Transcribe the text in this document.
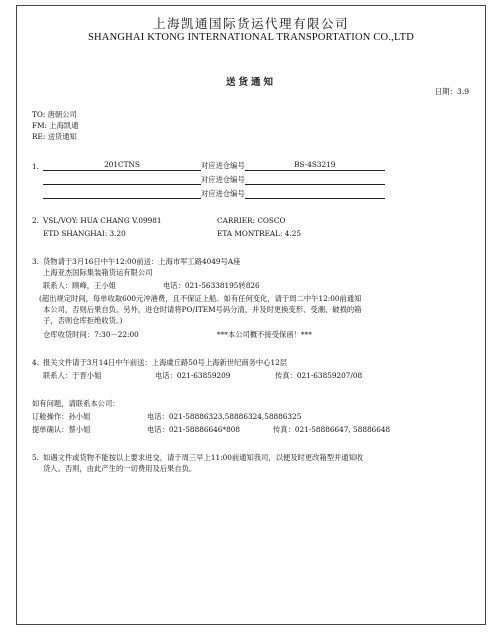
上海凯通国际货运代理有限公司
SHANGHAI KTONG INTERNATIONAL TRANSPORTATION CO.,LTD
送货通知
日期：3.9
TO: 唐朝公司
FM: 上海凯通
RE: 送货通知
1.	201CTNS	对应进仓编号	BS-4S3219
对应进仓编号
对应进仓编号
2. VSL/VOY: HUA CHANG V.09981	CARRIER: COSCO
ETD SHANGHAI: 3.20	ETA MONTREAL: 4.25
3. 货物请于3月16日中午12:00前送：上海市军工路4049号A座
上海亚杰国际集装箱货运有限公司
联系人：顾峰，王小姐	电话：021-56338195转826
(超出规定时间，每单收取600元冲港费，且不保证上船。如有任何变化，请于周二中午12:00前通知
本公司，否则后果自负。另外，进仓时请将PO/ITEM号码分清，并及时更换变形、受潮、破损的箱
子，否则仓库拒绝收货。)
仓库收货时间：7:30－22:00	***本公司概不接受保函！***
4. 报关文件请于3月14日中午前送：上海虞丘路50号上海新世纪商务中心12层
联系人：于晋小姐	电话：021-63859209	传真：021-63859207/08
如有问题，请联系本公司：
订舱操作：孙小姐	电话：021-58886323,58886324,58886325
提单确认：蔡小姐	电话：021-58886646*808	传真：021-58886647, 58886648
5. 如遇文件或货物不能按以上要求进交，请于周三早上11:00前通知我司，以便及时更改箱型并通知收
货人。否则，由此产生的一切费用及后果自负。
